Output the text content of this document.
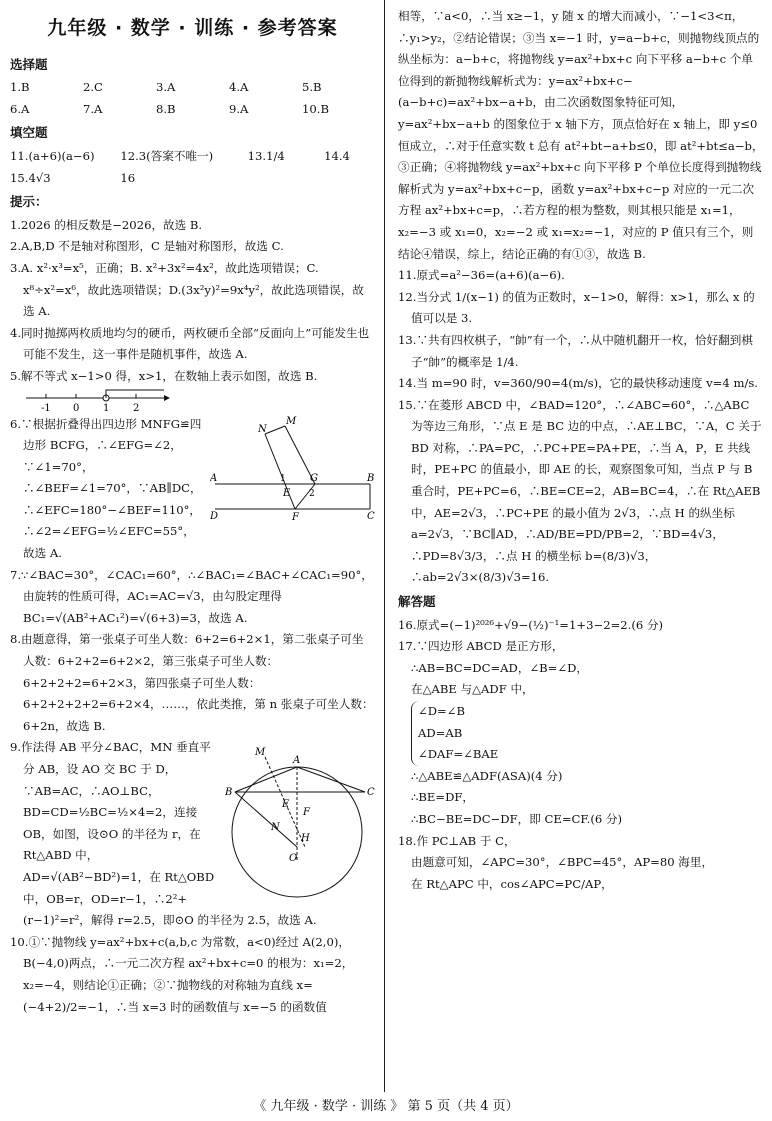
九年级 · 数学 · 训练 · 参考答案
选择题
1.B	2.C	3.A	4.A	5.B
6.A	7.A	8.B	9.A	10.B
填空题
11.(a+6)(a−6)	12.3(答案不唯一)	13.1/4	14.4
15.4√3	16
提示：

1.2026 的相反数是−2026，故选 B.

2.A,B,D 不是轴对称图形，C 是轴对称图形，故选 C.

3.A. x²·x³=x⁵，正确；B. x²+3x²=4x²，故此选项错误；C. x⁸÷x²=x⁶，故此选项错误；D.(3x²y)²=9x⁴y²，故此选项错误，故选 A.

4.同时抛掷两枚质地均匀的硬币，两枚硬币全部“反面向上”可能发生也可能不发生，这一事件是随机事件，故选 A.

5.解不等式 x−1>0 得，x>1，在数轴上表示如图，故选 B.

-1 0 1 2
A
D
B
C
N
M
E
G
F
1
2

6.∵根据折叠得出四边形 MNFG≌四边形 BCFG，∴∠EFG=∠2，∵∠1=70°，∴∠BEF=∠1=70°，∵AB∥DC，∴∠EFC=180°−∠BEF=110°，∴∠2=∠EFG=½∠EFC=55°，故选 A.

7.∵∠BAC=30°，∠CAC₁=60°，∴∠BAC₁=∠BAC+∠CAC₁=90°，由旋转的性质可得，AC₁=AC=√3，由勾股定理得 BC₁=√(AB²+AC₁²)=√(6+3)=3，故选 A.

8.由题意得，第一张桌子可坐人数：6+2=6+2×1，第二张桌子可坐人数：6+2+2=6+2×2，第三张桌子可坐人数：6+2+2+2=6+2×3，第四张桌子可坐人数：6+2+2+2+2=6+2×4，……，依此类推，第 n 张桌子可坐人数：6+2n，故选 B.

B	C
A
M
F
E
H
N
O

9.作法得 AB 平分∠BAC，MN 垂直平分 AB，设 AO 交 BC 于 D，∵AB=AC，∴AO⊥BC，BD=CD=½BC=½×4=2，连接 OB，如图，设⊙O 的半径为 r，在 Rt△ABD 中，AD=√(AB²−BD²)=1，在 Rt△OBD 中，OB=r，OD=r−1，∴2²+(r−1)²=r²，解得 r=2.5，即⊙O 的半径为 2.5，故选 A.

10.①∵抛物线 y=ax²+bx+c(a,b,c 为常数，a<0)经过 A(2,0)，B(−4,0)两点，∴一元二次方程 ax²+bx+c=0 的根为：x₁=2，x₂=−4，则结论①正确；②∵抛物线的对称轴为直线 x=(−4+2)/2=−1，∴当 x=3 时的函数值与 x=−5 的函数值

相等，∵a<0，∴当 x≥−1，y 随 x 的增大而减小，∵−1<3<π，∴y₁>y₂，②结论错误；③当 x=−1 时，y=a−b+c，则抛物线顶点的纵坐标为：a−b+c，将抛物线 y=ax²+bx+c 向下平移 a−b+c 个单位得到的新抛物线解析式为：y=ax²+bx+c−(a−b+c)=ax²+bx−a+b，由二次函数图象特征可知，y=ax²+bx−a+b 的图象位于 x 轴下方，顶点恰好在 x 轴上，即 y≤0 恒成立，∴对于任意实数 t 总有 at²+bt−a+b≤0，即 at²+bt≤a−b，③正确；④将抛物线 y=ax²+bx+c 向下平移 P 个单位长度得到抛物线解析式为 y=ax²+bx+c−p，函数 y=ax²+bx+c−p 对应的一元二次方程 ax²+bx+c=p，∴若方程的根为整数，则其根只能是 x₁=1，x₂=−3 或 x₁=0，x₂=−2 或 x₁=x₂=−1，对应的 P 值只有三个，则结论④错误，综上，结论正确的有①③，故选 B.

11.原式=a²−36=(a+6)(a−6).

12.当分式 1/(x−1) 的值为正数时，x−1>0，解得：x>1，那么 x 的值可以是 3.

13.∵共有四枚棋子，“帥”有一个，∴从中随机翻开一枚，恰好翻到棋子“帥”的概率是 1/4.

14.当 m=90 时，v=360/90=4(m/s)，它的最快移动速度 v=4 m/s.

15.∵在菱形 ABCD 中，∠BAD=120°，∴∠ABC=60°，∴△ABC 为等边三角形，∵点 E 是 BC 边的中点，∴AE⊥BC，∵A，C 关于 BD 对称，∴PA=PC，∴PC+PE=PA+PE，∴当 A，P，E 共线时，PE+PC 的值最小，即 AE 的长，观察图象可知，当点 P 与 B 重合时，PE+PC=6，∴BE=CE=2，AB=BC=4，∴在 Rt△AEB 中，AE=2√3，∴PC+PE 的最小值为 2√3，∴点 H 的纵坐标 a=2√3，∵BC∥AD，∴AD/BE=PD/PB=2，∵BD=4√3，∴PD=8√3/3，∴点 H 的横坐标 b=(8/3)√3，∴ab=2√3×(8/3)√3=16.

解答题

16.原式=(−1)²⁰²⁶+√9−(½)⁻¹=1+3−2=2.(6 分)

17.∵四边形 ABCD 是正方形，

∴AB=BC=DC=AD，∠B=∠D，

在△ABE 与△ADF 中，

∠D=∠B
AD=AB
∠DAF=∠BAE

∴△ABE≌△ADF(ASA)(4 分)

∴BE=DF，

∴BC−BE=DC−DF，即 CE=CF.(6 分)

18.作 PC⊥AB 于 C，

由题意可知，∠APC=30°，∠BPC=45°，AP=80 海里，

在 Rt△APC 中，cos∠APC=PC/AP，

《 九年级 · 数学 · 训练 》 第 5 页（共 4 页）
